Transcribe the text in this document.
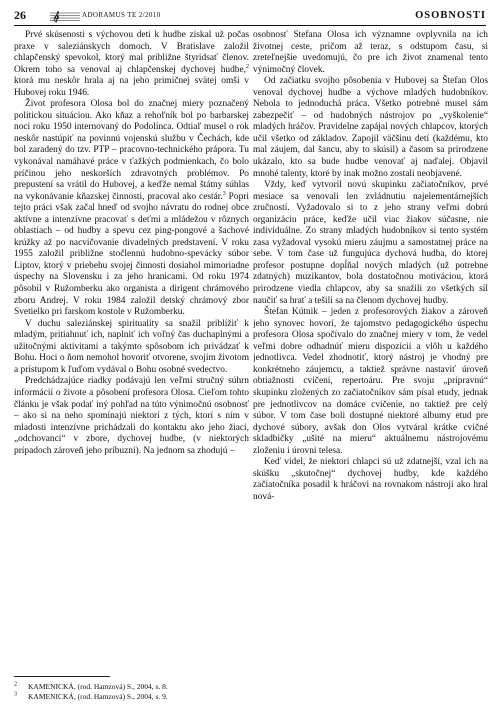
26	ADORAMUS TE 2/2010	OSOBNOSTI

Prvé skúsenosti s výchovou detí k hudbe získal už počas praxe v saleziánskych domoch. V Bratislave založil chlapčenský spevokol, ktorý mal približne štyridsať členov. Okrem toho sa venoval aj chlapčenskej dychovej hudbe,$^2$ ktorá mu neskôr hrala aj na jeho primičnej svätej omši v Hubovej roku 1946.

Život profesora Olosa bol do značnej miery poznačený politickou situáciou. Ako kňaz a rehoľník bol po barbarskej noci roku 1950 internovaný do Podolínca. Odtiaľ musel o rok neskôr nastúpiť na povinnú vojenskú službu v Čechách, kde bol zaradený do tzv. PTP – pracovno-technického prápora. Tu vykonával namáhavé práce v ťažkých podmienkach, čo bolo príčinou jeho neskorších zdravotných problémov. Po prepustení sa vrátil do Hubovej, a keďže nemal štátny súhlas na vykonávanie kňazskej činnosti, pracoval ako cestár.$^3$ Popri tejto práci však začal hneď od svojho návratu do rodnej obce aktívne a intenzívne pracovať s deťmi a mládežou v rôznych oblastiach – od hudby a spevu cez ping-pongové a šachové krúžky až po nacvičovanie divadelných predstavení. V roku 1955 založil približne stočlennú hudobno-spevácky súbor Liptov, ktorý v priebehu svojej činnosti dosiahol mimoriadne úspechy na Slovensku i za jeho hranicami. Od roku 1974 pôsobil v Ružomberku ako organista a dirigent chrámového zboru Andrej. V roku 1984 založil detský chrámový zbor Svetielko pri farskom kostole v Ružomberku.

V duchu saleziánskej spirituality sa snažil priblížiť k mladým, pritiahnuť ich, naplniť ich voľný čas duchaplnými a užitočnými aktivitami a takýmto spôsobom ich privádzať k Bohu. Hoci o ňom nemohol hovoriť otvorene, svojím životom a prístupom k ľuďom vydával o Bohu osobné svedectvo.

Predchádzajúce riadky podávajú len veľmi stručný súhrn informácií o živote a pôsobení profesora Olosa. Cieľom tohto článku je však podať iný pohľad na túto výnimočnú osobnosť – ako si na neho spomínajú niektorí z tých, ktorí s ním v mladosti intenzívne prichádzali do kontaktu ako jeho žiaci, „odchovanci“ v zbore, dychovej hudbe, (v niektorých prípadoch zároveň jeho príbuzní). Na jednom sa zhodujú –

osobnosť Štefana Olosa ich významne ovplyvnila na ich životnej ceste, pričom až teraz, s odstupom času, si zreteľnejšie uvedomujú, čo pre ich život znamenal tento výnimočný človek.

Od začiatku svojho pôsobenia v Hubovej sa Štefan Olos venoval dychovej hudbe a výchove mladých hudobníkov. Nebola to jednoduchá práca. Všetko potrebné musel sám zabezpečiť – od hudobných nástrojov po „vyškolenie“ mladých hráčov. Pravidelne zapájal nových chlapcov, ktorých učil všetko od základov. Zapojil väčšinu detí (každému, kto mal záujem, dal šancu, aby to skúsil) a časom sa prirodzene ukázalo, kto sa bude hudbe venovať aj naďalej. Objavil mnohé talenty, ktoré by inak možno zostali neobjavené.

Vždy, keď vytvoril novú skupinku začiatočníkov, prvé mesiace sa venovali len zvládnutiu najelementárnejších zručností. Vyžadovalo si to z jeho strany veľmi dobrú organizáciu práce, keďže učil viac žiakov súčasne, nie individuálne. Zo strany mladých hudobníkov si tento systém zasa vyžadoval vysokú mieru záujmu a samostatnej práce na sebe. V tom čase už fungujúca dychová hudba, do ktorej profesor postupne dopĺňal nových mladých (už potrebne zdatných) muzikantov, bola dostatočnou motiváciou, ktorá prirodzene viedla chlapcov, aby sa snažili zo všetkých síl naučiť sa hrať a tešili sa na členom dychovej hudby.

Štefan Kútnik – jeden z profesorových žiakov a zároveň jeho synovec hovorí, že tajomstvo pedagogického úspechu profesora Olosa spočívalo do značnej miery v tom, že vedel veľmi dobre odhadnúť mieru dispozícií a vlôh u každého jednotlivca. Vedel zhodnotiť, ktorý nástroj je vhodný pre konkrétneho záujemcu, a taktiež správne nastaviť úroveň obtiažnosti cvičení, repertoáru. Pre svoju „prípravnú“ skupinku zložených zo začiatočníkov sám písal etudy, jednak pre jednotlivcov na domáce cvičenie, no taktiež pre celý súbor. V tom čase boli dostupné niektoré albumy etud pre dychové súbory, avšak don Olos vytváral krátke cvičné skladbičky „ušité na mieru“ aktuálnemu nástrojovému zloženiu i úrovni telesa.

Keď videl, že niektorí chlapci sú už zdatnejší, vzal ich na skúšku „skutočnej“ dychovej hudby, kde každého začiatočníka posadil k hráčovi na rovnakom nástroji ako hral nová-

$^2$	KAMENICKÁ, (rod. Hamzová) S., 2004, s. 8.
$^3$	KAMENICKÁ, (rod. Hamzová) S., 2004, s. 9.
